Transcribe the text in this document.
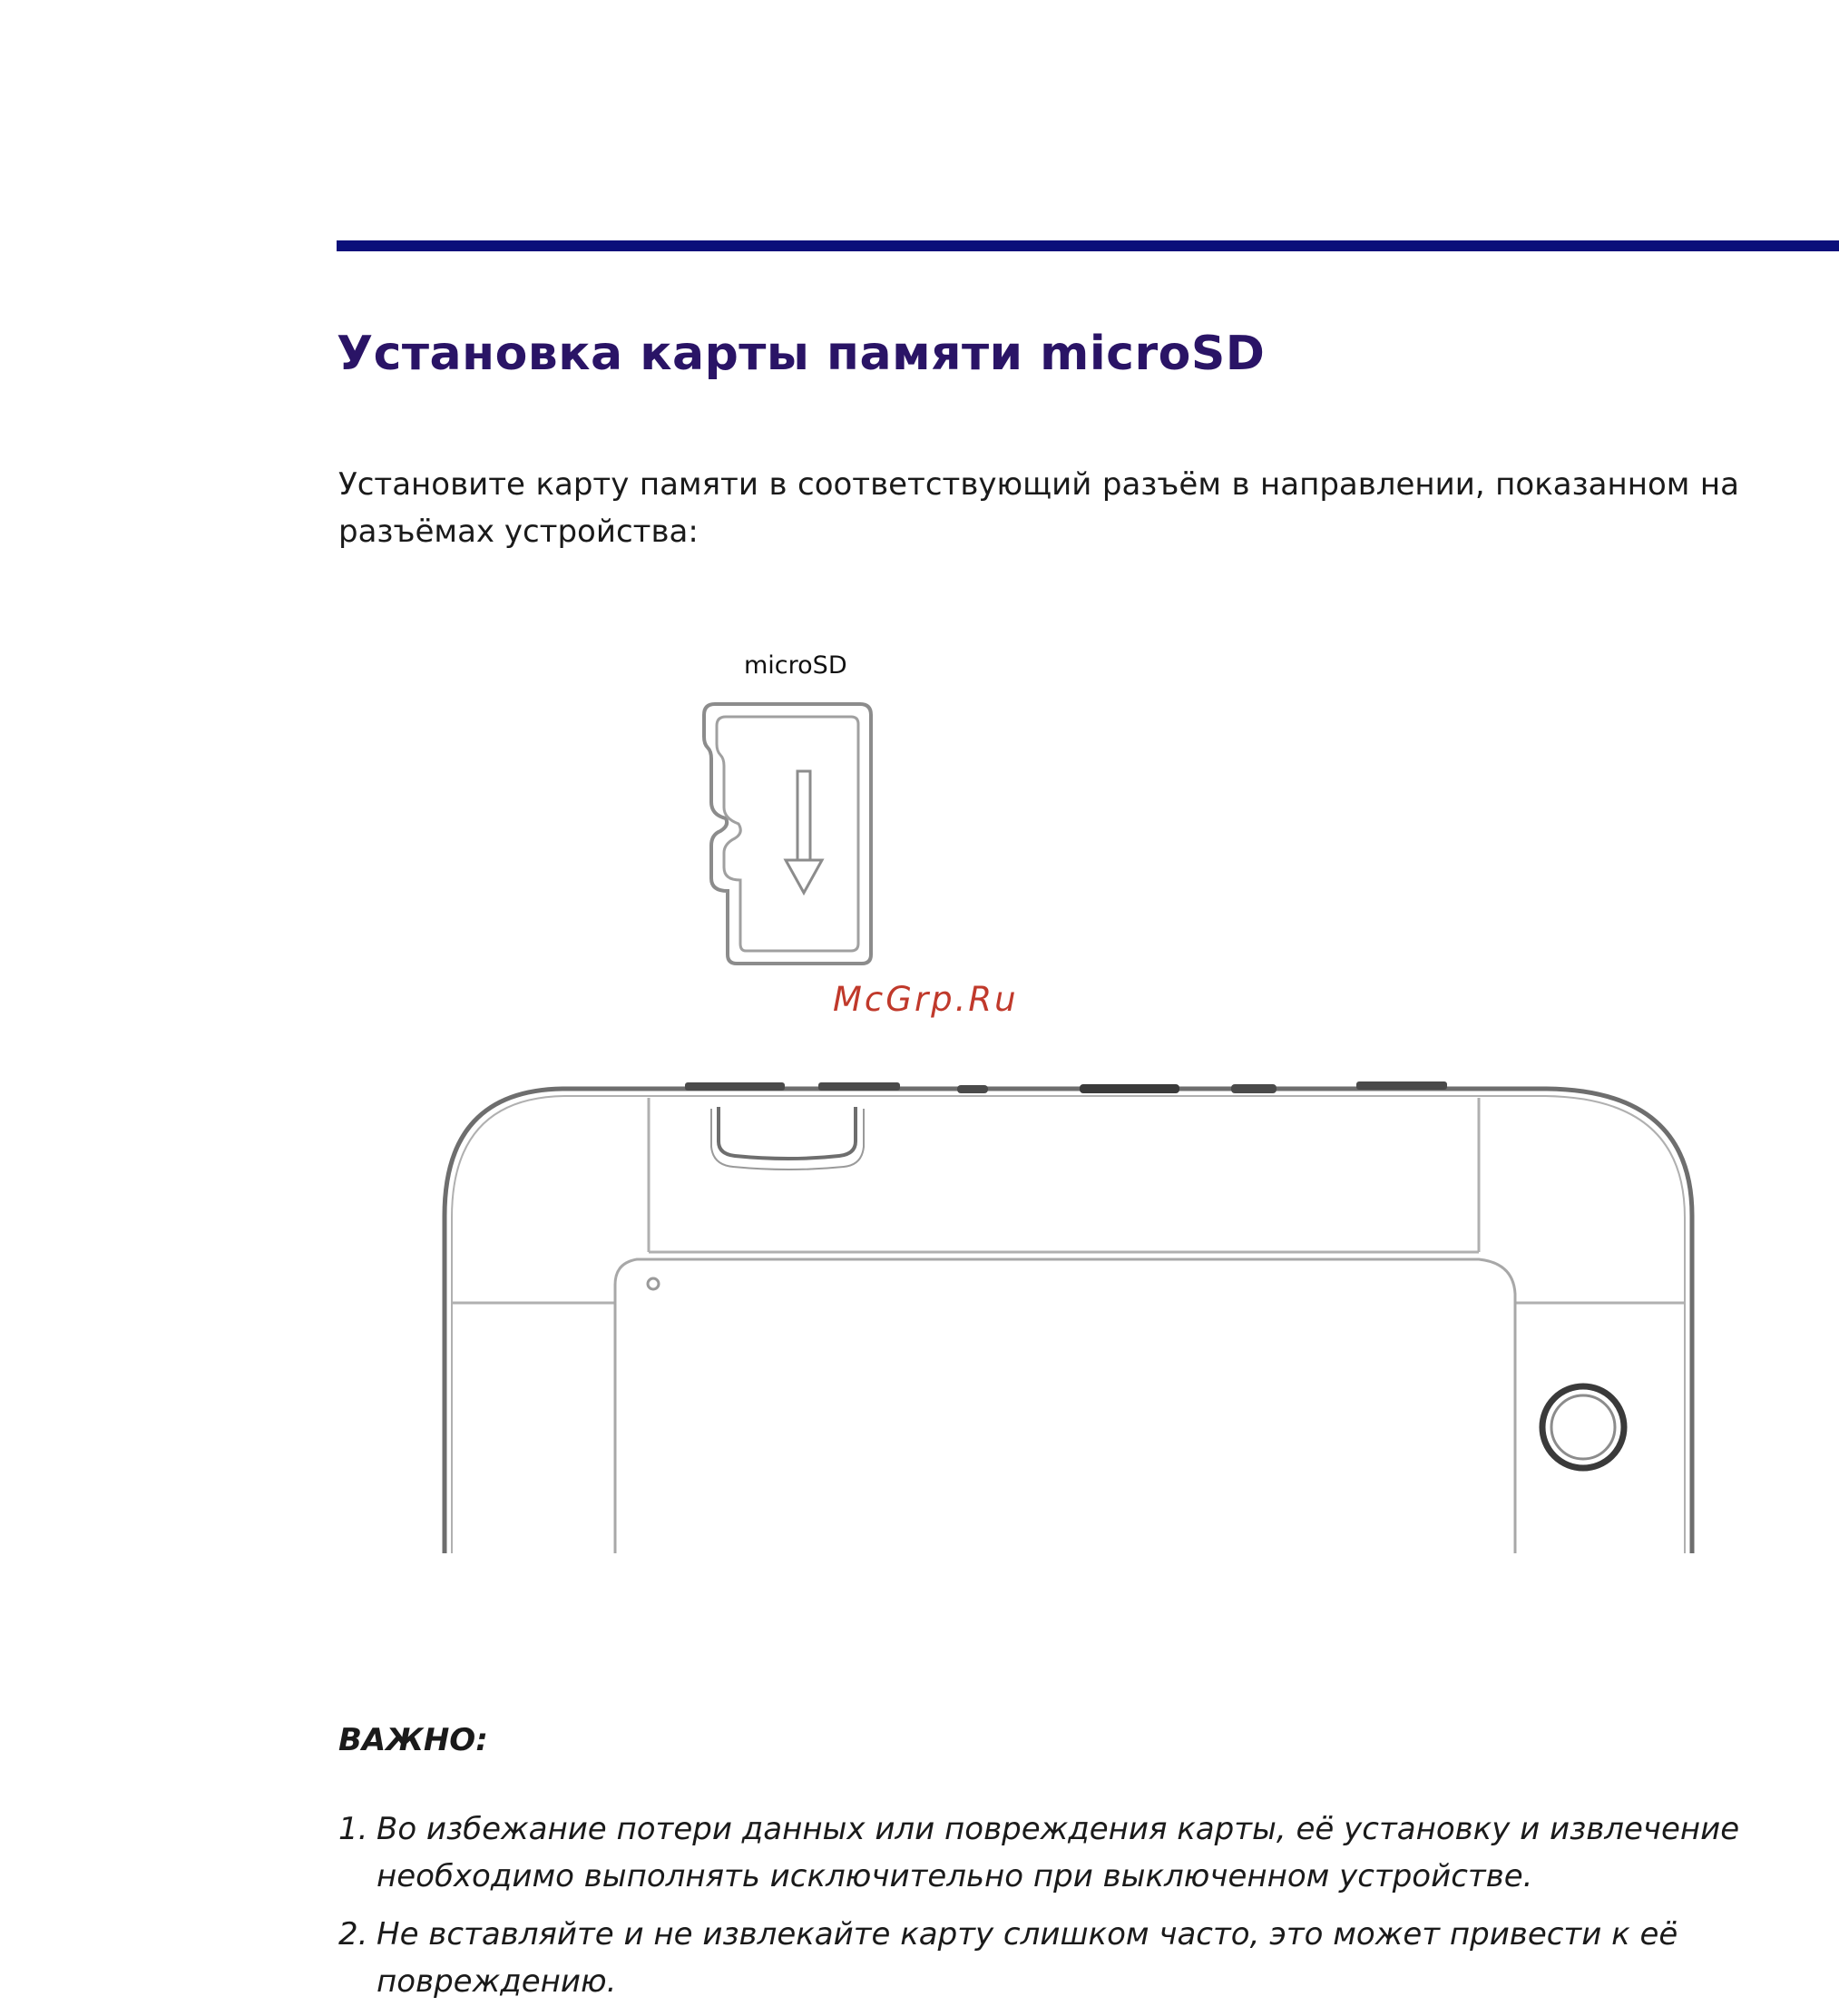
Установка карты памяти microSD

Установите карту памяти в соответствующий разъём в направлении, показанном на разъёмах устройства:

microSD
McGrp.Ru
ВАЖНО:
1. Во избежание потери данных или повреждения карты, её установку и извлечение необходимо выполнять исключительно при выключенном устройстве.
2. Не вставляйте и не извлекайте карту слишком часто, это может привести к её повреждению.
